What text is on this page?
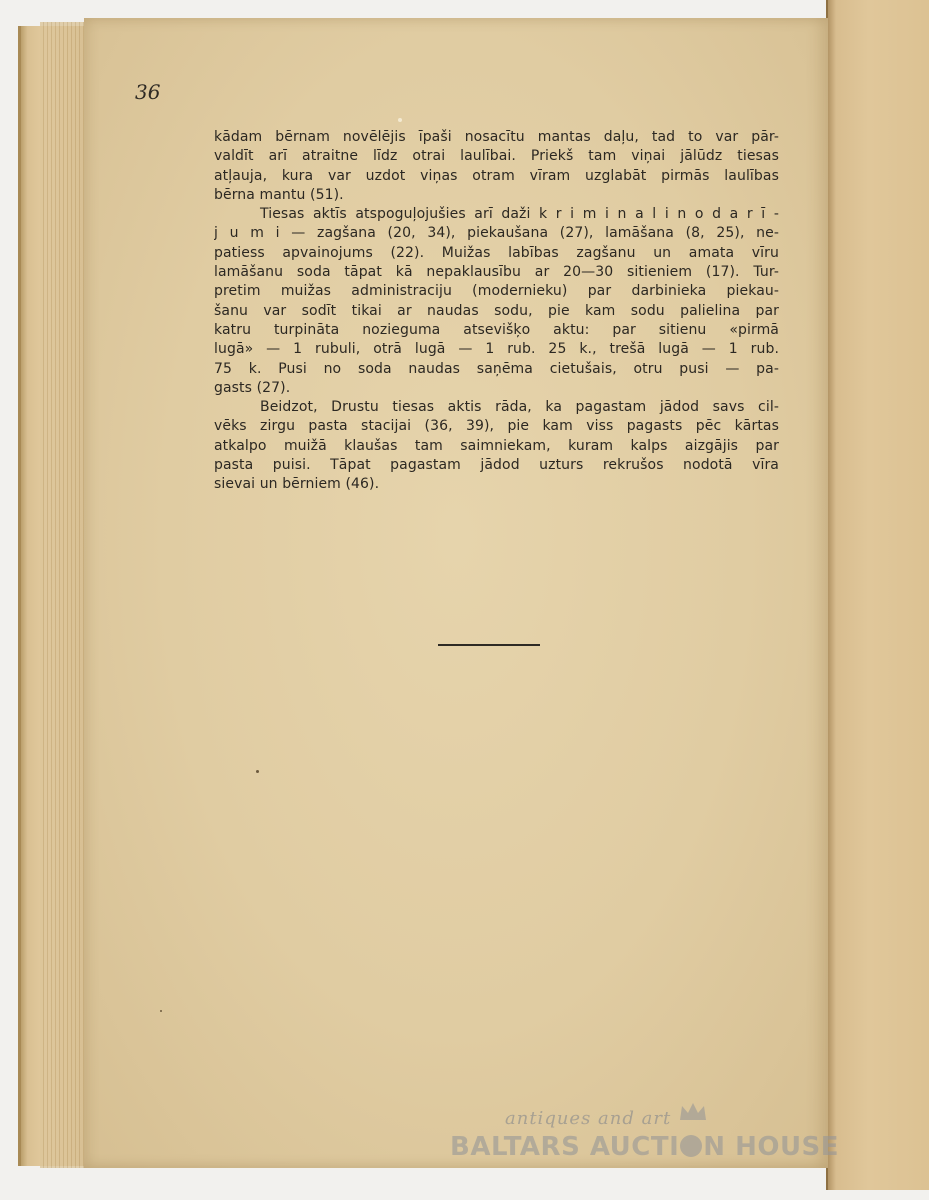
36
kādam bērnam novēlējis īpaši nosacītu mantas daļu, tad to var pār-
valdīt arī atraitne līdz otrai laulībai. Priekš tam viņai jālūdz tiesas
atļauja, kura var uzdot viņas otram vīram uzglabāt pirmās laulības
bērna mantu (51).
Tiesas aktīs atspoguļojušies arī daži k r i m i n a l i n o d a r ī -
j u m i — zagšana (20, 34), piekaušana (27), lamāšana (8, 25), ne-
patiess apvainojums (22). Muižas labības zagšanu un amata vīru
lamāšanu soda tāpat kā nepaklausību ar 20—30 sitieniem (17). Tur-
pretim muižas administraciju (modernieku) par darbinieka piekau-
šanu var sodīt tikai ar naudas sodu, pie kam sodu palielina par
katru turpināta nozieguma atsevišķo aktu: par sitienu «pirmā
lugā» — 1 rubuli, otrā lugā — 1 rub. 25 k., trešā lugā — 1 rub.
75 k. Pusi no soda naudas saņēma cietušais, otru pusi — pa-
gasts (27).
Beidzot, Drustu tiesas aktis rāda, ka pagastam jādod savs cil-
vēks zirgu pasta stacijai (36, 39), pie kam viss pagasts pēc kārtas
atkalpo muižā klaušas tam saimniekam, kuram kalps aizgājis par
pasta puisi. Tāpat pagastam jādod uzturs rekrušos nodotā vīra
sievai un bērniem (46).
antiques and art
BALTARS AUCTI N HOUSE
